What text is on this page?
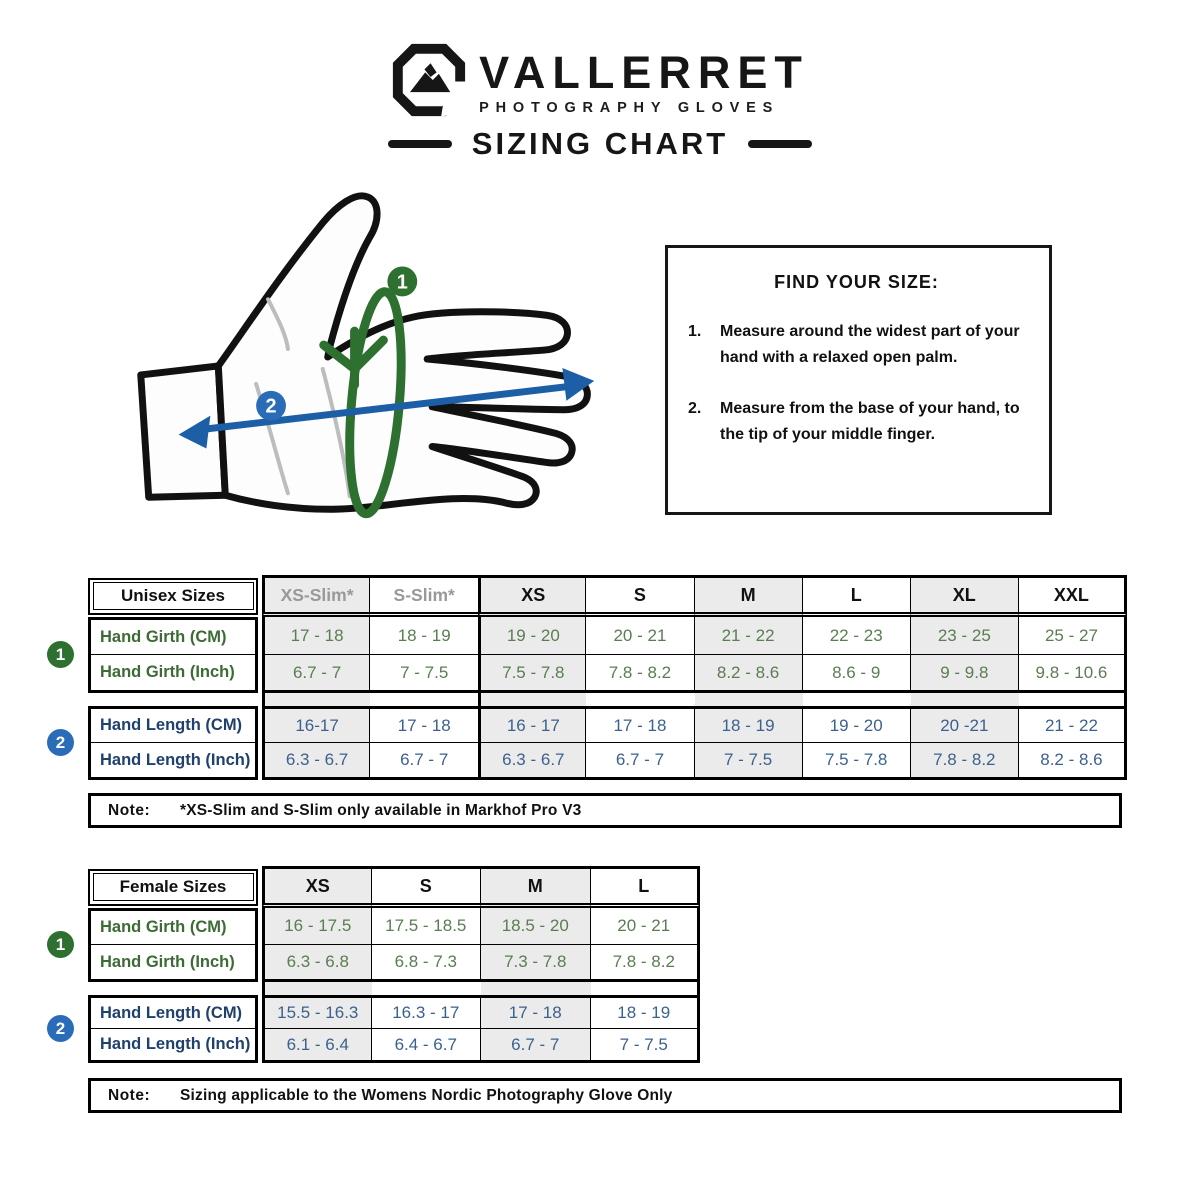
VALLERRET
PHOTOGRAPHY GLOVES
SIZING CHART
1
2
FIND YOUR SIZE:
1.	Measure around the widest part of your hand with a relaxed open palm.
2.	Measure from the base of your hand, to the tip of your middle finger.
Unisex Sizes	XS-Slim*	S-Slim*	XS	S	M	L	XL	XXL
Hand Girth (CM)	17 - 18	18 - 19	19 - 20	20 - 21	21 - 22	22 - 23	23 - 25	25 - 27
Hand Girth (Inch)	6.7 - 7	7 - 7.5	7.5 - 7.8	7.8 - 8.2	8.2 - 8.6	8.6 - 9	9 - 9.8	9.8 - 10.6
Hand Length (CM)	16-17	17 - 18	16 - 17	17 - 18	18 - 19	19 - 20	20 -21	21 - 22
Hand Length (Inch)	6.3 - 6.7	6.7 - 7	6.3 - 6.7	6.7 - 7	7 - 7.5	7.5 - 7.8	7.8 - 8.2	8.2 - 8.6
1
2
Note:	*XS-Slim and S-Slim only available in Markhof Pro V3
Female Sizes	XS	S	M	L
Hand Girth (CM)	16 - 17.5	17.5 - 18.5	18.5 - 20	20 - 21
Hand Girth (Inch)	6.3 - 6.8	6.8 - 7.3	7.3 - 7.8	7.8 - 8.2
Hand Length (CM)	15.5 - 16.3	16.3 - 17	17 - 18	18 - 19
Hand Length (Inch)	6.1 - 6.4	6.4 - 6.7	6.7 - 7	7 - 7.5
1
2
Note:	Sizing applicable to the Womens Nordic Photography Glove Only
